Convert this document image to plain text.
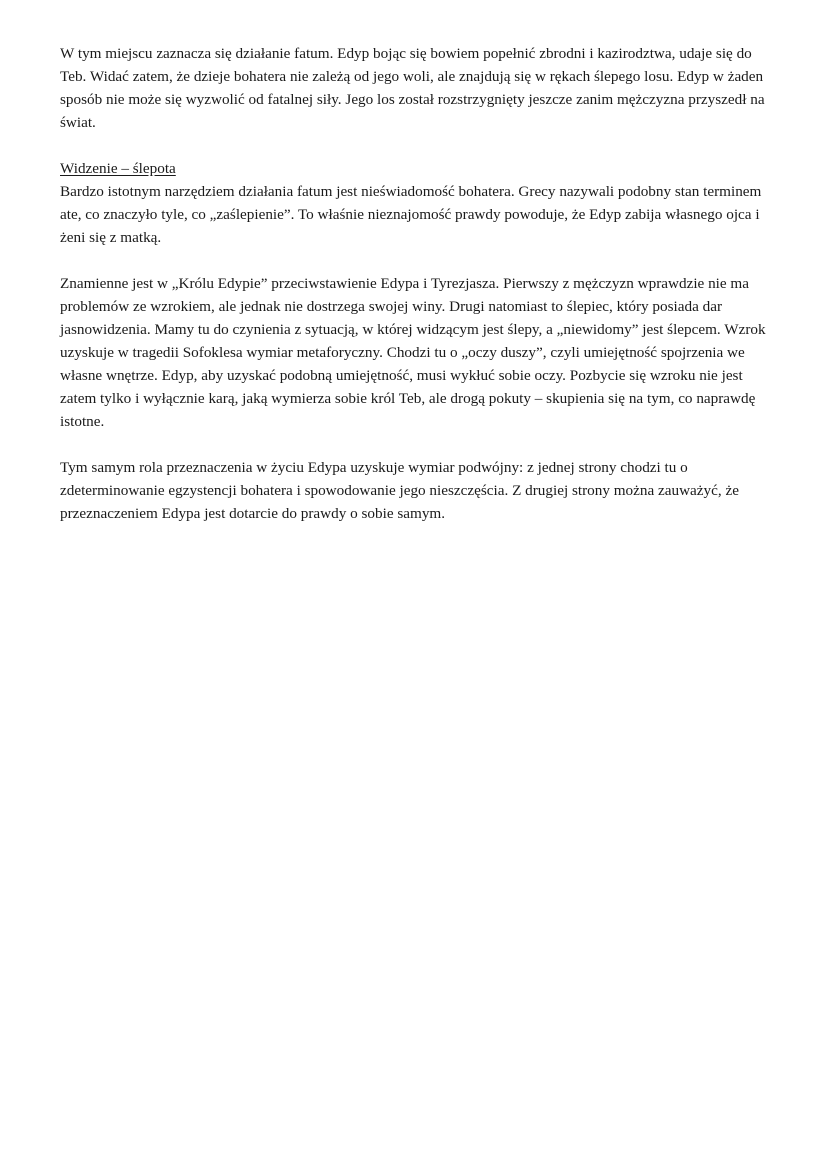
W tym miejscu zaznacza się działanie fatum. Edyp bojąc się bowiem popełnić zbrodni i kazirodztwa, udaje się do Teb. Widać zatem, że dzieje bohatera nie zależą od jego woli, ale znajdują się w rękach ślepego losu. Edyp w żaden sposób nie może się wyzwolić od fatalnej siły. Jego los został rozstrzygnięty jeszcze zanim mężczyzna przyszedł na świat.

Widzenie – ślepota

Bardzo istotnym narzędziem działania fatum jest nieświadomość bohatera. Grecy nazywali podobny stan terminem ate, co znaczyło tyle, co „zaślepienie”. To właśnie nieznajomość prawdy powoduje, że Edyp zabija własnego ojca i żeni się z matką.

Znamienne jest w „Królu Edypie” przeciwstawienie Edypa i Tyrezjasza. Pierwszy z mężczyzn wprawdzie nie ma problemów ze wzrokiem, ale jednak nie dostrzega swojej winy. Drugi natomiast to ślepiec, który posiada dar jasnowidzenia. Mamy tu do czynienia z sytuacją, w której widzącym jest ślepy, a „niewidomy” jest ślepcem. Wzrok uzyskuje w tragedii Sofoklesa wymiar metaforyczny. Chodzi tu o „oczy duszy”, czyli umiejętność spojrzenia we własne wnętrze. Edyp, aby uzyskać podobną umiejętność, musi wykłuć sobie oczy. Pozbycie się wzroku nie jest zatem tylko i wyłącznie karą, jaką wymierza sobie król Teb, ale drogą pokuty – skupienia się na tym, co naprawdę istotne.

Tym samym rola przeznaczenia w życiu Edypa uzyskuje wymiar podwójny: z jednej strony chodzi tu o zdeterminowanie egzystencji bohatera i spowodowanie jego nieszczęścia. Z drugiej strony można zauważyć, że przeznaczeniem Edypa jest dotarcie do prawdy o sobie samym.
